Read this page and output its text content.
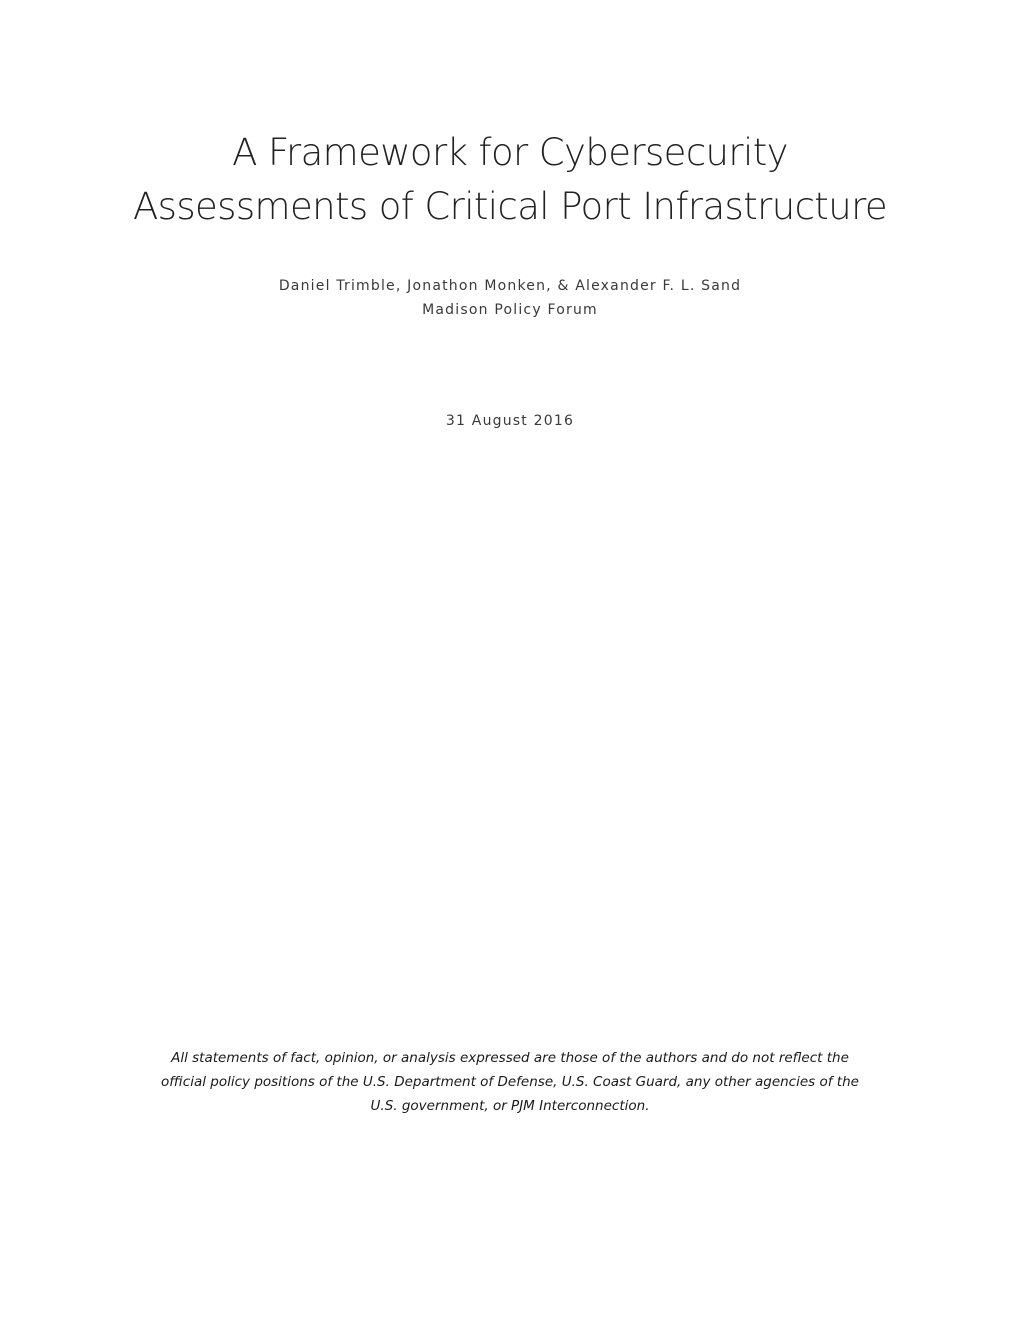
A Framework for Cybersecurity
Assessments of Critical Port Infrastructure
Daniel Trimble, Jonathon Monken, & Alexander F. L. Sand
Madison Policy Forum
31 August 2016
All statements of fact, opinion, or analysis expressed are those of the authors and do not reflect the
official policy positions of the U.S. Department of Defense, U.S. Coast Guard, any other agencies of the
U.S. government, or PJM Interconnection.
